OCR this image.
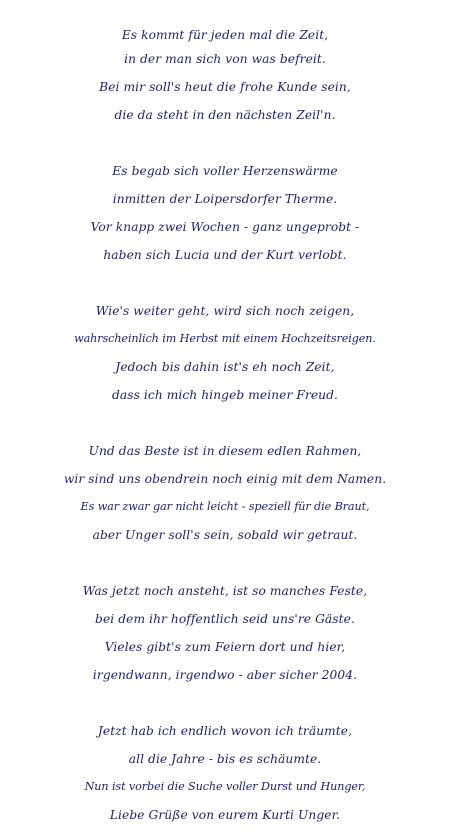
Es kommt für jeden mal die Zeit,
in der man sich von was befreit.
Bei mir soll's heut die frohe Kunde sein,
die da steht in den nächsten Zeil'n.
Es begab sich voller Herzenswärme
inmitten der Loipersdorfer Therme.
Vor knapp zwei Wochen - ganz ungeprobt -
haben sich Lucia und der Kurt verlobt.
Wie's weiter geht, wird sich noch zeigen,
wahrscheinlich im Herbst mit einem Hochzeitsreigen.
Jedoch bis dahin ist's eh noch Zeit,
dass ich mich hingeb meiner Freud.
Und das Beste ist in diesem edlen Rahmen,
wir sind uns obendrein noch einig mit dem Namen.
Es war zwar gar nicht leicht - speziell für die Braut,
aber Unger soll's sein, sobald wir getraut.
Was jetzt noch ansteht, ist so manches Feste,
bei dem ihr hoffentlich seid uns're Gäste.
Vieles gibt's zum Feiern dort und hier,
irgendwann, irgendwo - aber sicher 2004.
Jetzt hab ich endlich wovon ich träumte,
all die Jahre - bis es schäumte.
Nun ist vorbei die Suche voller Durst und Hunger,
Liebe Grüße von eurem Kurti Unger.
